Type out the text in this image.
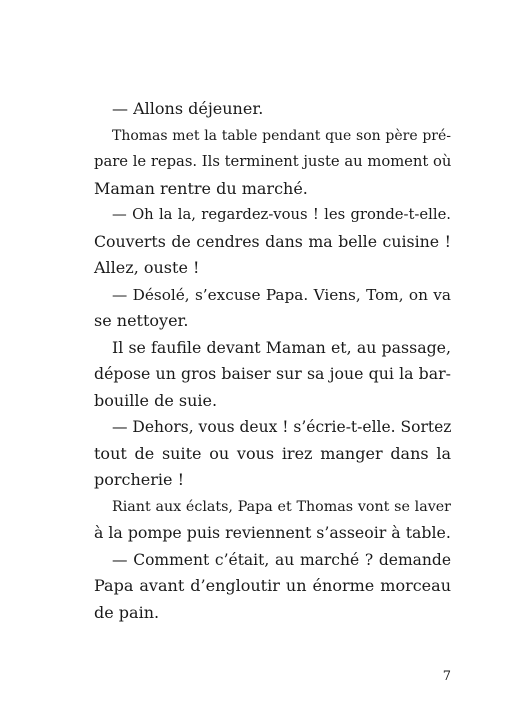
— Allons déjeuner.
Thomas met la table pendant que son père pré-
pare le repas. Ils terminent juste au moment où
Maman rentre du marché.
— Oh la la, regardez-vous ! les gronde-t-elle.
Couverts de cendres dans ma belle cuisine !
Allez, ouste !
— Désolé, s’excuse Papa. Viens, Tom, on va
se nettoyer.
Il se faufile devant Maman et, au passage,
dépose un gros baiser sur sa joue qui la bar-
bouille de suie.
— Dehors, vous deux ! s’écrie-t-elle. Sortez
tout de suite ou vous irez manger dans la
porcherie !
Riant aux éclats, Papa et Thomas vont se laver
à la pompe puis reviennent s’asseoir à table.
— Comment c’était, au marché ? demande
Papa avant d’engloutir un énorme morceau
de pain.
7
